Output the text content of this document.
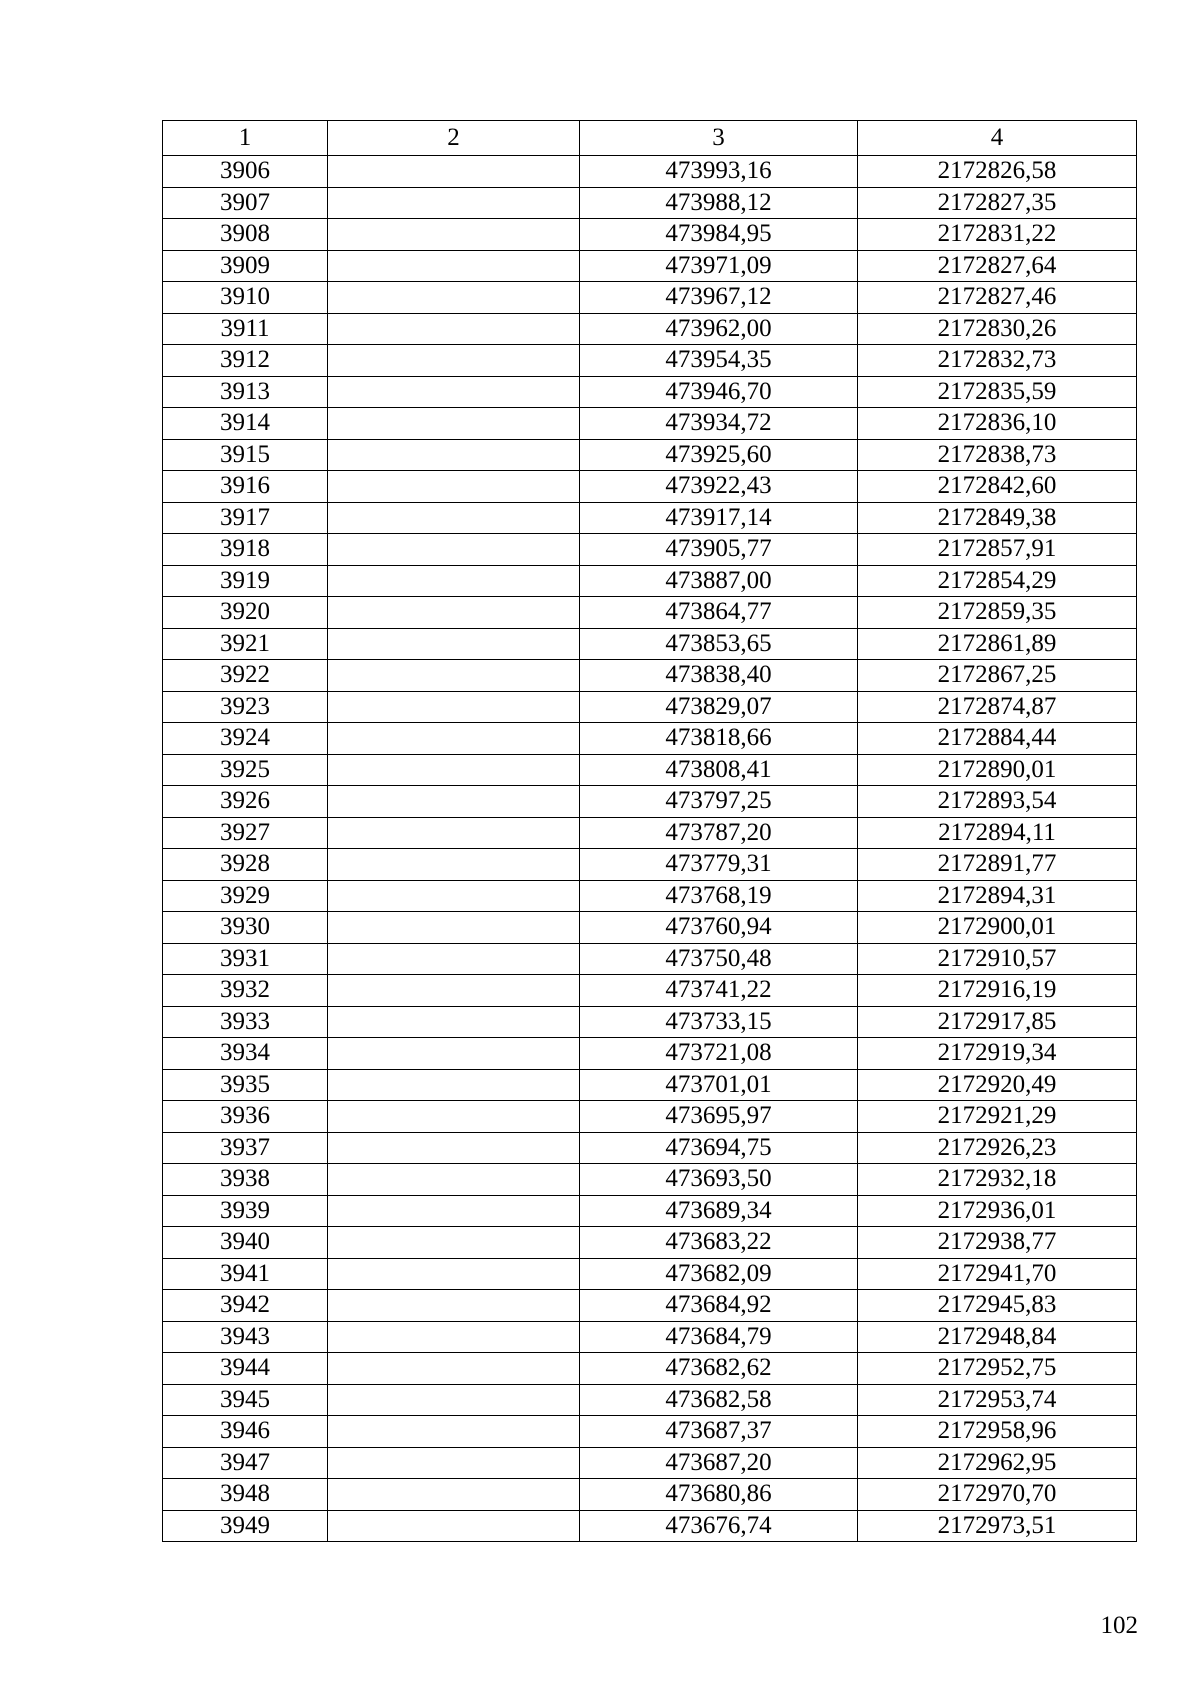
1	2	3	4
3906		473993,16	2172826,58
3907		473988,12	2172827,35
3908		473984,95	2172831,22
3909		473971,09	2172827,64
3910		473967,12	2172827,46
3911		473962,00	2172830,26
3912		473954,35	2172832,73
3913		473946,70	2172835,59
3914		473934,72	2172836,10
3915		473925,60	2172838,73
3916		473922,43	2172842,60
3917		473917,14	2172849,38
3918		473905,77	2172857,91
3919		473887,00	2172854,29
3920		473864,77	2172859,35
3921		473853,65	2172861,89
3922		473838,40	2172867,25
3923		473829,07	2172874,87
3924		473818,66	2172884,44
3925		473808,41	2172890,01
3926		473797,25	2172893,54
3927		473787,20	2172894,11
3928		473779,31	2172891,77
3929		473768,19	2172894,31
3930		473760,94	2172900,01
3931		473750,48	2172910,57
3932		473741,22	2172916,19
3933		473733,15	2172917,85
3934		473721,08	2172919,34
3935		473701,01	2172920,49
3936		473695,97	2172921,29
3937		473694,75	2172926,23
3938		473693,50	2172932,18
3939		473689,34	2172936,01
3940		473683,22	2172938,77
3941		473682,09	2172941,70
3942		473684,92	2172945,83
3943		473684,79	2172948,84
3944		473682,62	2172952,75
3945		473682,58	2172953,74
3946		473687,37	2172958,96
3947		473687,20	2172962,95
3948		473680,86	2172970,70
3949		473676,74	2172973,51
102
